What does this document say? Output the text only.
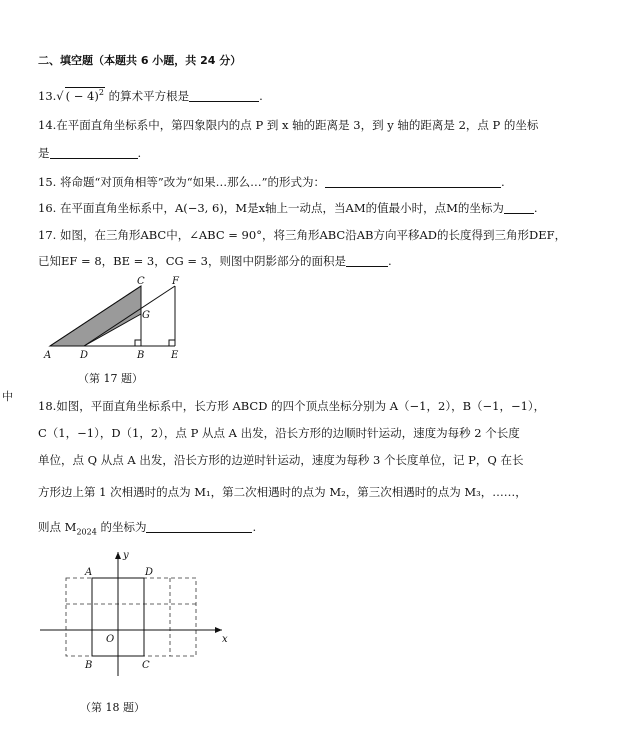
二、填空题（本题共 6 小题，共 24 分）
13.√ ( − 4)$^2$ 的算术平方根是	.
14.在平面直角坐标系中，第四象限内的点 P 到 x 轴的距离是 3，到 y 轴的距离是 2，点 P 的坐标
是	.
15. 将命题“对顶角相等”改为“如果…那么…”的形式为：	.
16. 在平面直角坐标系中，A(−3, 6)，M是x轴上一动点，当AM的值最小时，点M的坐标为	.
17. 如图，在三角形ABC中，∠ABC = 90°，将三角形ABC沿AB方向平移AD的长度得到三角形DEF，
已知EF = 8，BE = 3，CG = 3，则图中阴影部分的面积是	.
A	D	B	E
C	F
G
（第 17 题）
中
18.如图，平面直角坐标系中，长方形 ABCD 的四个顶点坐标分别为 A（−1，2），B（−1，−1），
C（1，−1），D（1，2），点 P 从点 A 出发，沿长方形的边顺时针运动，速度为每秒 2 个长度
单位，点 Q 从点 A 出发，沿长方形的边逆时针运动，速度为每秒 3 个长度单位，记 P，Q 在长
方形边上第 1 次相遇时的点为 M₁，第二次相遇时的点为 M₂，第三次相遇时的点为 M₃，……，
则点 $M_{2024}$ 的坐标为	.
A	D
B	C
O	x
y
（第 18 题）
